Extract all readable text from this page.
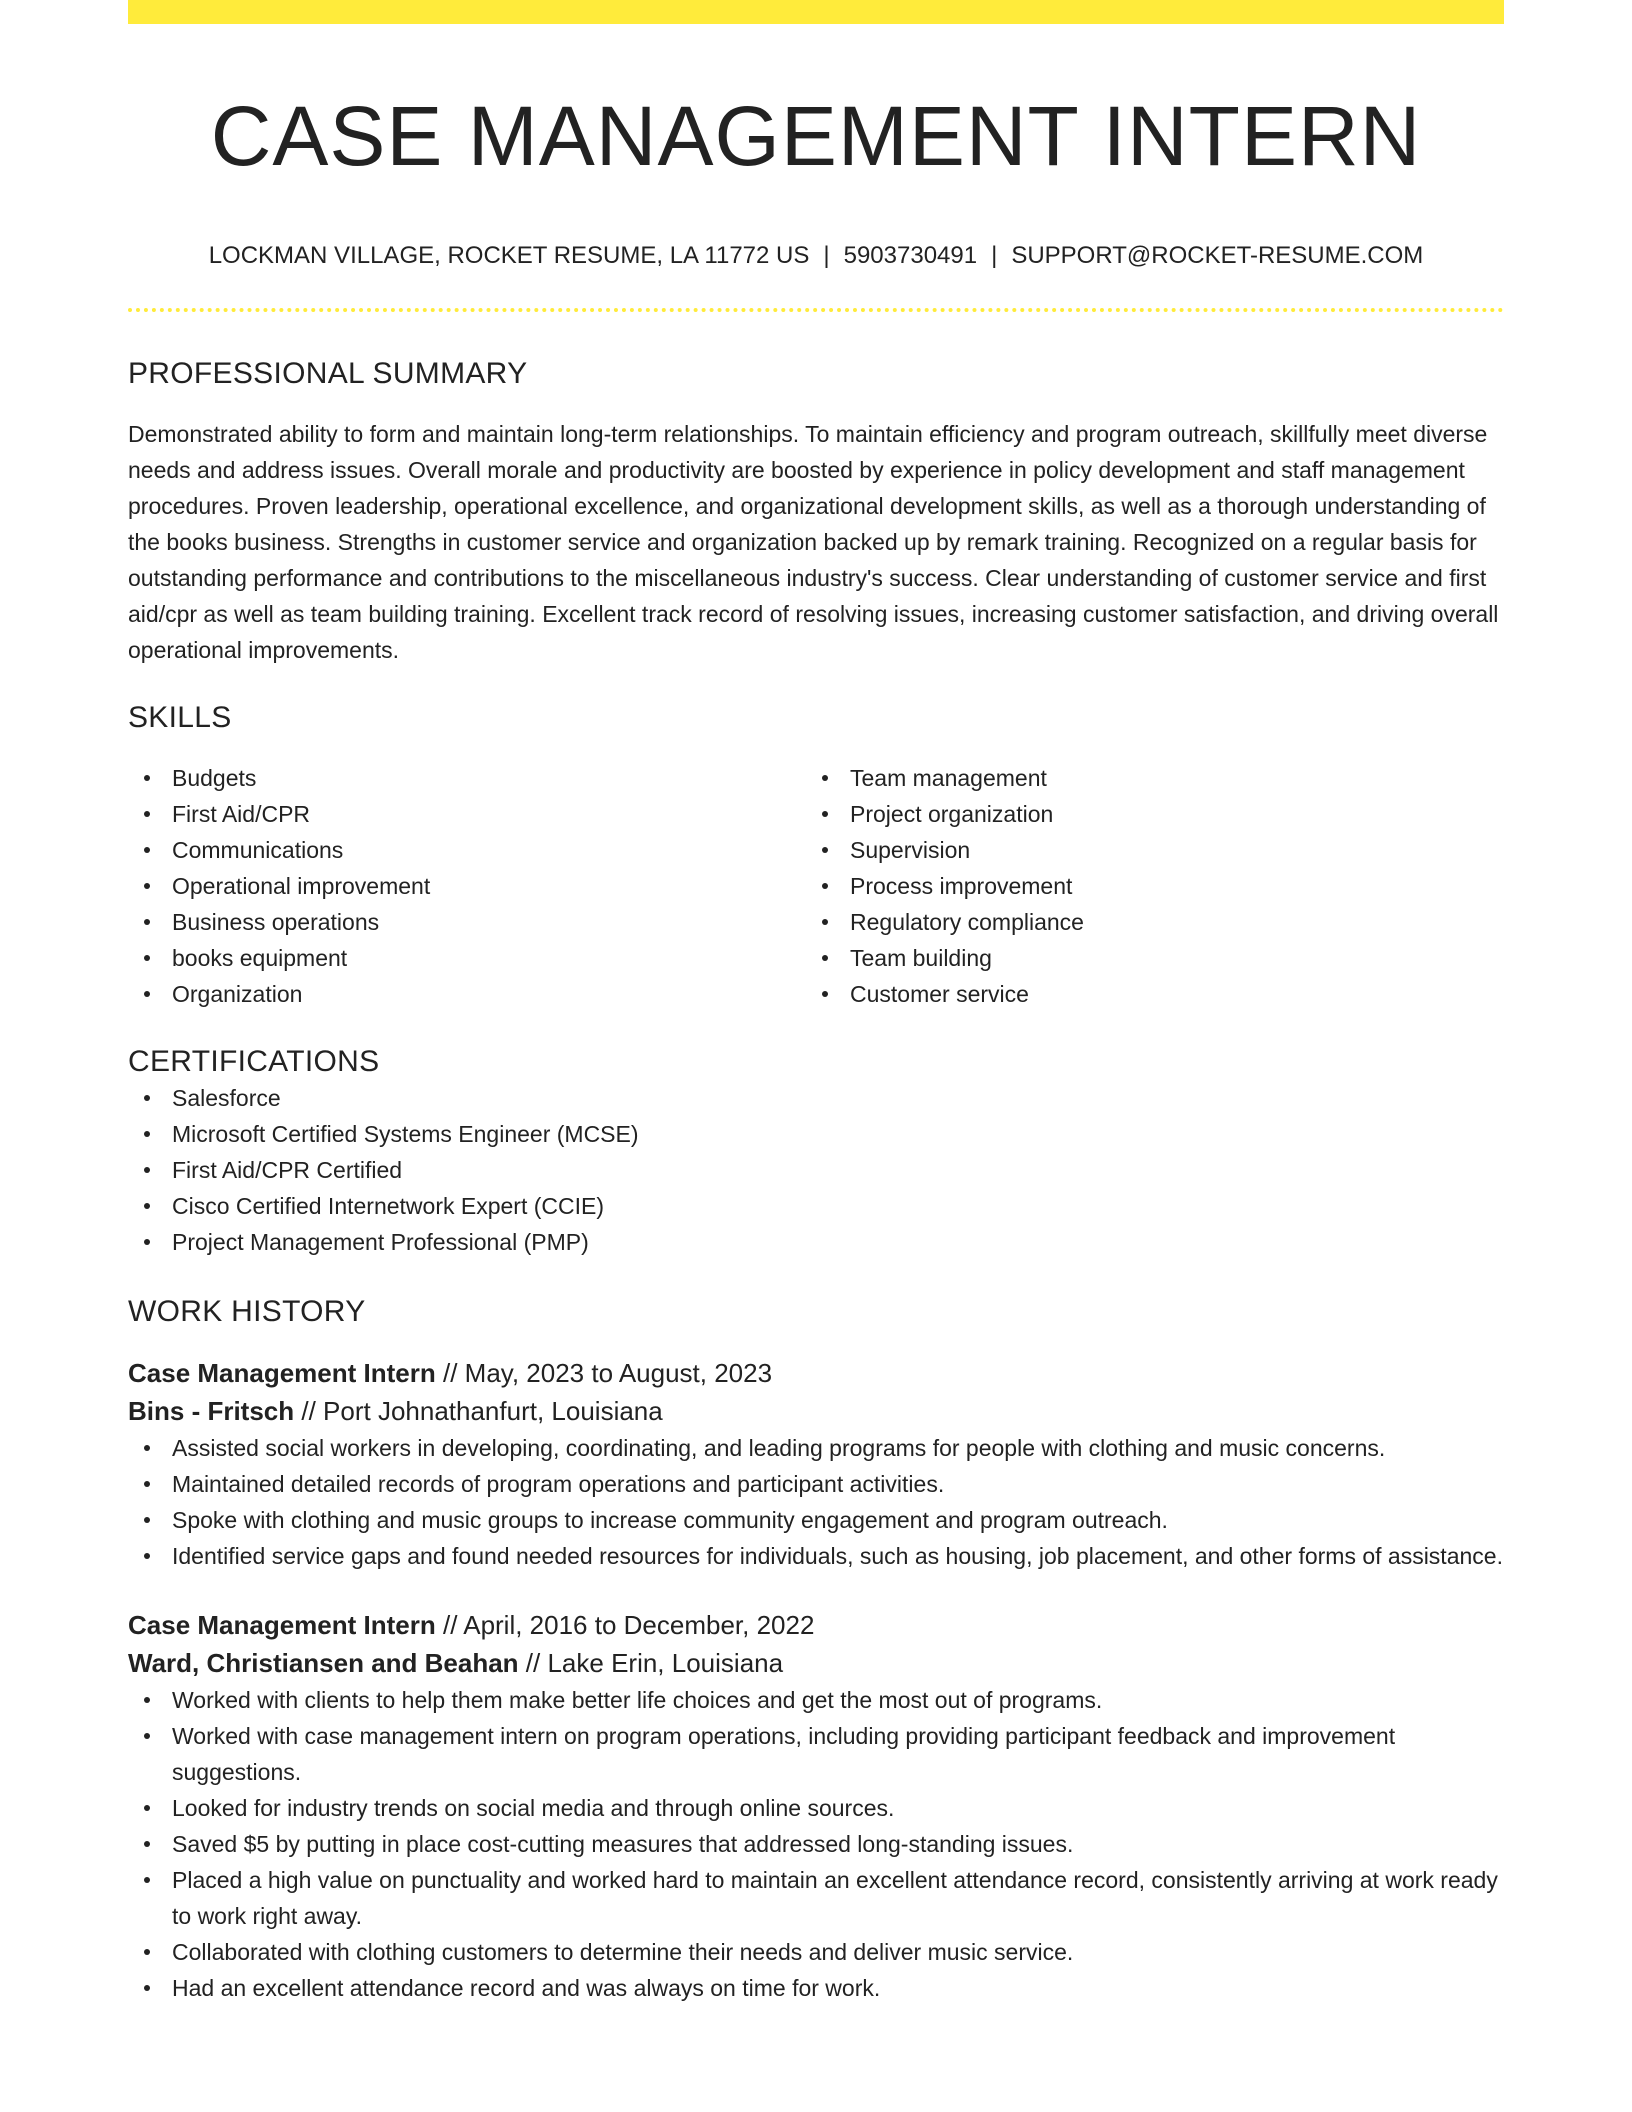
CASE MANAGEMENT INTERN
LOCKMAN VILLAGE, ROCKET RESUME, LA 11772 US | 5903730491 | SUPPORT@ROCKET-RESUME.COM
PROFESSIONAL SUMMARY

Demonstrated ability to form and maintain long-term relationships. To maintain efficiency and program outreach, skillfully meet diverse needs and address issues. Overall morale and productivity are boosted by experience in policy development and staff management procedures. Proven leadership, operational excellence, and organizational development skills, as well as a thorough understanding of the books business. Strengths in customer service and organization backed up by remark training. Recognized on a regular basis for outstanding performance and contributions to the miscellaneous industry's success. Clear understanding of customer service and first aid/cpr as well as team building training. Excellent track record of resolving issues, increasing customer satisfaction, and driving overall operational improvements.

SKILLS
Budgets
First Aid/CPR
Communications
Operational improvement
Business operations
books equipment
Organization
Team management
Project organization
Supervision
Process improvement
Regulatory compliance
Team building
Customer service
CERTIFICATIONS
Salesforce
Microsoft Certified Systems Engineer (MCSE)
First Aid/CPR Certified
Cisco Certified Internetwork Expert (CCIE)
Project Management Professional (PMP)
WORK HISTORY
Case Management Intern // May, 2023 to August, 2023
Bins - Fritsch // Port Johnathanfurt, Louisiana
Assisted social workers in developing, coordinating, and leading programs for people with clothing and music concerns.
Maintained detailed records of program operations and participant activities.
Spoke with clothing and music groups to increase community engagement and program outreach.
Identified service gaps and found needed resources for individuals, such as housing, job placement, and other forms of assistance.
Case Management Intern // April, 2016 to December, 2022
Ward, Christiansen and Beahan // Lake Erin, Louisiana
Worked with clients to help them make better life choices and get the most out of programs.
Worked with case management intern on program operations, including providing participant feedback and improvement suggestions.
Looked for industry trends on social media and through online sources.
Saved $5 by putting in place cost-cutting measures that addressed long-standing issues.
Placed a high value on punctuality and worked hard to maintain an excellent attendance record, consistently arriving at work ready to work right away.
Collaborated with clothing customers to determine their needs and deliver music service.
Had an excellent attendance record and was always on time for work.
